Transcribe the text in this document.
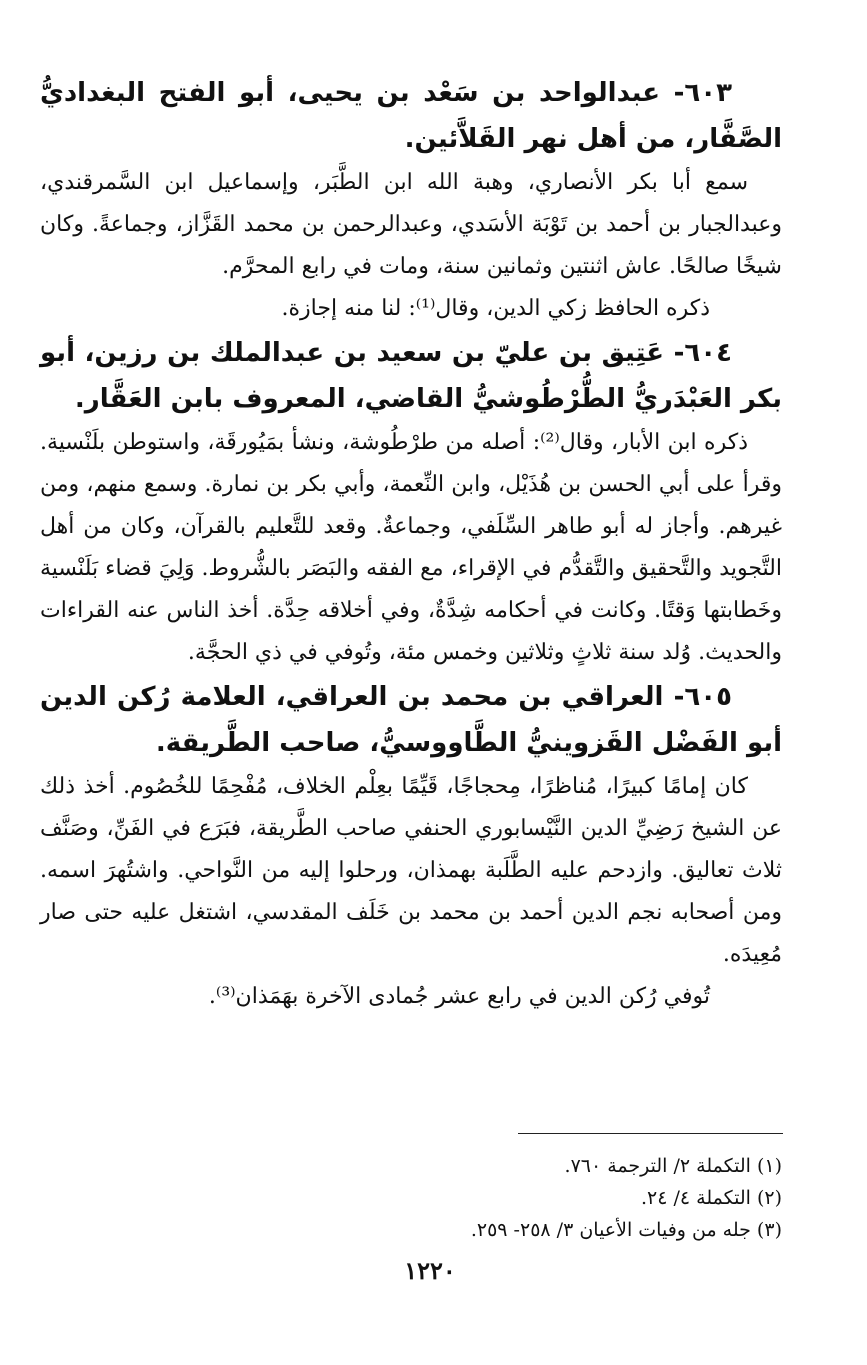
٦٠٣- عبدالواحد بن سَعْد بن يحيى، أبو الفتح البغداديُّ الصَّفَّار، من أهل نهر القَلاَّئين.

سمع أبا بكر الأنصاري، وهبة الله ابن الطَّبَر، وإسماعيل ابن السَّمرقندي، وعبدالجبار بن أحمد بن تَوْبَة الأسَدي، وعبدالرحمن بن محمد القَزَّاز، وجماعةً. وكان شيخًا صالحًا. عاش اثنتين وثمانين سنة، ومات في رابع المحرَّم.

ذكره الحافظ زكي الدين، وقال⁽¹⁾: لنا منه إجازة.

٦٠٤- عَتِيق بن عليّ بن سعيد بن عبدالملك بن رزين، أبو بكر العَبْدَريُّ الطُّرْطُوشيُّ القاضي، المعروف بابن العَقَّار.

ذكره ابن الأبار، وقال⁽²⁾: أصله من طرْطُوشة، ونشأ بمَيُورقَة، واستوطن بلَنْسية. وقرأ على أبي الحسن بن هُذَيْل، وابن النِّعمة، وأبي بكر بن نمارة. وسمع منهم، ومن غيرهم. وأجاز له أبو طاهر السِّلَفي، وجماعةٌ. وقعد للتَّعليم بالقرآن، وكان من أهل التَّجويد والتَّحقيق والتَّقدُّم في الإقراء، مع الفقه والبَصَر بالشُّروط. وَلِيَ قضاء بَلَنْسية وخَطابتها وَقتًا. وكانت في أحكامه شِدَّةٌ، وفي أخلاقه حِدَّة. أخذ الناس عنه القراءات والحديث. وُلد سنة ثلاثٍ وثلاثين وخمس مئة، وتُوفي في ذي الحجَّة.

٦٠٥- العراقي بن محمد بن العراقي، العلامة رُكن الدين أبو الفَضْل القَزوينيُّ الطَّاووسيُّ، صاحب الطَّريقة.

كان إمامًا كبيرًا، مُناظرًا، مِحجاجًا، قَيِّمًا بعِلْم الخلاف، مُفْحِمًا للخُصُوم. أخذ ذلك عن الشيخ رَضِيِّ الدين النَّيْسابوري الحنفي صاحب الطَّريقة، فبَرَع في الفَنِّ، وصَنَّف ثلاث تعاليق. وازدحم عليه الطَّلَبة بهمذان، ورحلوا إليه من النَّواحي. واشتُهرَ اسمه. ومن أصحابه نجم الدين أحمد بن محمد بن خَلَف المقدسي، اشتغل عليه حتى صار مُعِيدَه.

تُوفي رُكن الدين في رابع عشر جُمادى الآخرة بهَمَذان⁽³⁾.

(١) التكملة ٢/ الترجمة ٧٦٠.

(٢) التكملة ٤/ ٢٤.

(٣) جله من وفيات الأعيان ٣/ ٢٥٨- ٢٥٩.

١٢٢٠
